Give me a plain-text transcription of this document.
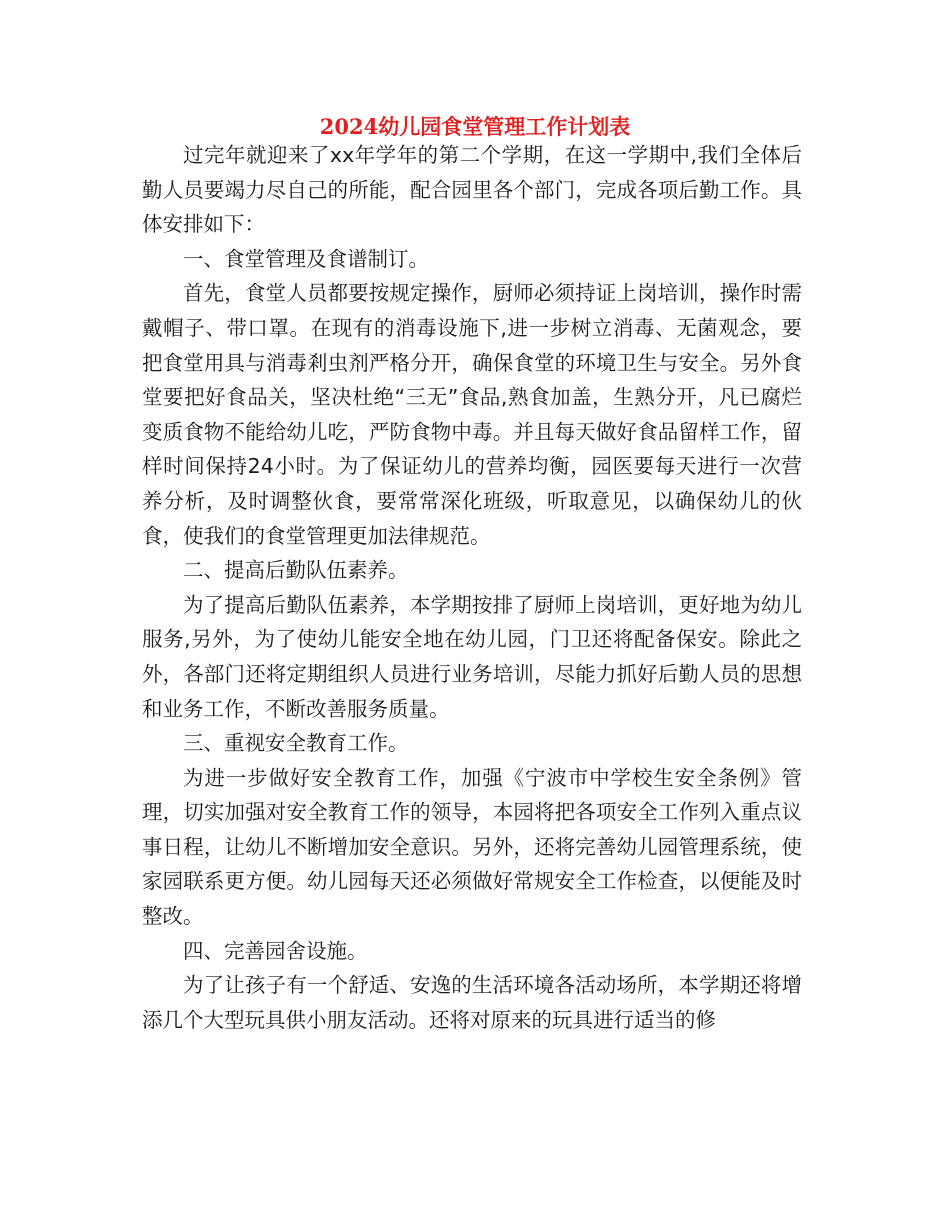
2024幼儿园食堂管理工作计划表

过完年就迎来了xx年学年的第二个学期，在这一学期中,我们全体后勤人员要竭力尽自己的所能，配合园里各个部门，完成各项后勤工作。具体安排如下：

一、食堂管理及食谱制订。

首先，食堂人员都要按规定操作，厨师必须持证上岗培训，操作时需戴帽子、带口罩。在现有的消毒设施下,进一步树立消毒、无菌观念，要把食堂用具与消毒剎虫剂严格分开，确保食堂的环境卫生与安全。另外食堂要把好食品关，坚决杜绝“三无”食品,熟食加盖，生熟分开，凡已腐烂变质食物不能给幼儿吃，严防食物中毒。并且每天做好食品留样工作，留样时间保持24小时。为了保证幼儿的营养均衡，园医要每天进行一次营养分析，及时调整伙食，要常常深化班级，听取意见，以确保幼儿的伙食，使我们的食堂管理更加法律规范。

二、提高后勤队伍素养。

为了提高后勤队伍素养，本学期按排了厨师上岗培训，更好地为幼儿服务,另外，为了使幼儿能安全地在幼儿园，门卫还将配备保安。除此之外，各部门还将定期组织人员进行业务培训，尽能力抓好后勤人员的思想和业务工作，不断改善服务质量。

三、重视安全教育工作。

为进一步做好安全教育工作，加强《宁波市中学校生安全条例》管理，切实加强对安全教育工作的领导，本园将把各项安全工作列入重点议事日程，让幼儿不断增加安全意识。另外，还将完善幼儿园管理系统，使家园联系更方便。幼儿园每天还必须做好常规安全工作检查，以便能及时整改。

四、完善园舍设施。

为了让孩子有一个舒适、安逸的生活环境各活动场所，本学期还将增添几个大型玩具供小朋友活动。还将对原来的玩具进行适当的修
